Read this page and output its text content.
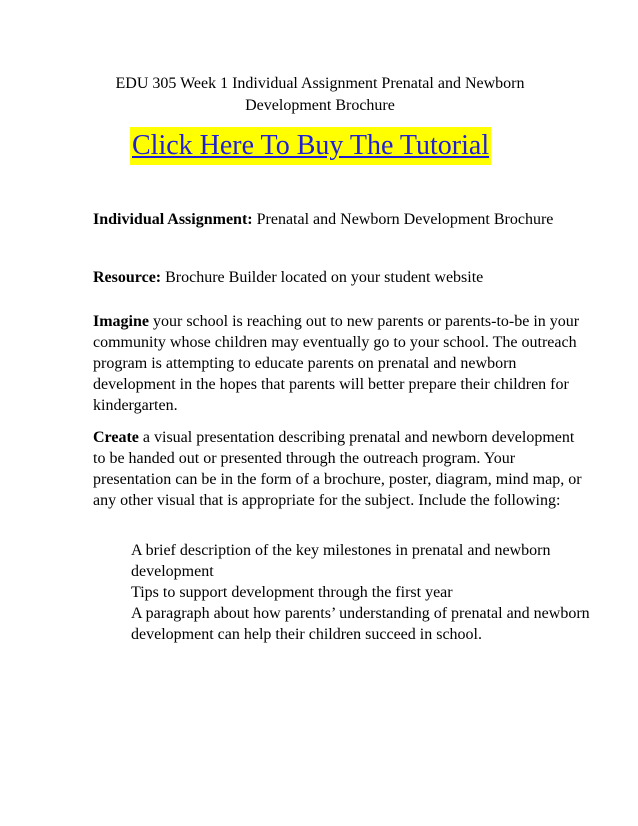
EDU 305 Week 1 Individual Assignment Prenatal and Newborn Development Brochure
Click Here To Buy The Tutorial
Individual Assignment: Prenatal and Newborn Development Brochure
Resource: Brochure Builder located on your student website
Imagine your school is reaching out to new parents or parents-to-be in your community whose children may eventually go to your school. The outreach program is attempting to educate parents on prenatal and newborn development in the hopes that parents will better prepare their children for kindergarten.
Create a visual presentation describing prenatal and newborn development to be handed out or presented through the outreach program. Your presentation can be in the form of a brochure, poster, diagram, mind map, or any other visual that is appropriate for the subject. Include the following:
A brief description of the key milestones in prenatal and newborn development
Tips to support development through the first year
A paragraph about how parents’ understanding of prenatal and newborn development can help their children succeed in school.
